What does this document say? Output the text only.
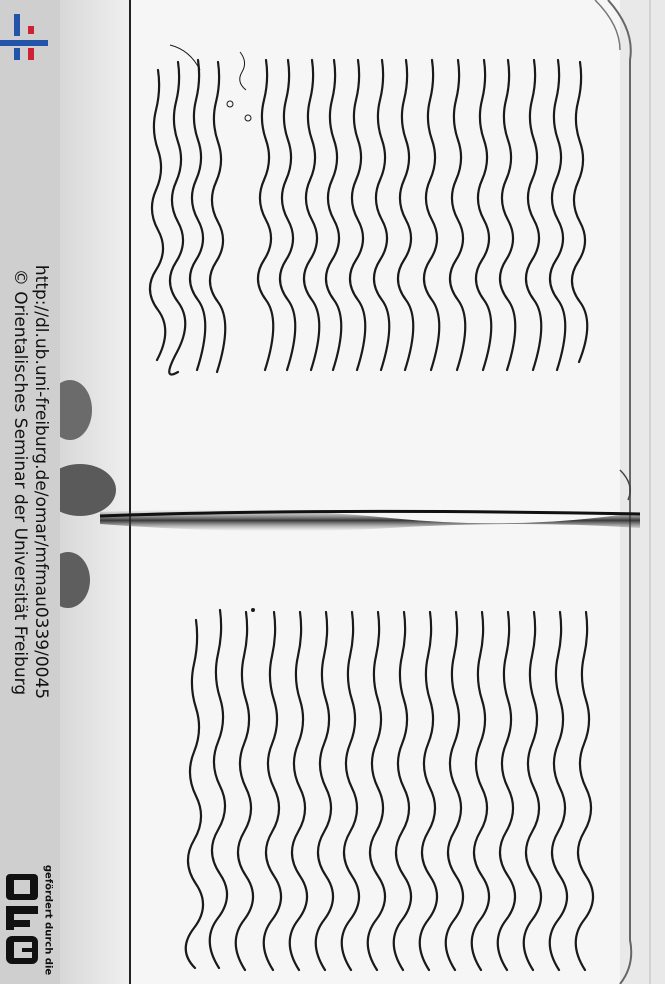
http://dl.ub.uni-freiburg.de/omar/mfmau0339/0045
© Orientalisches Seminar der Universität Freiburg
gefördert durch die
